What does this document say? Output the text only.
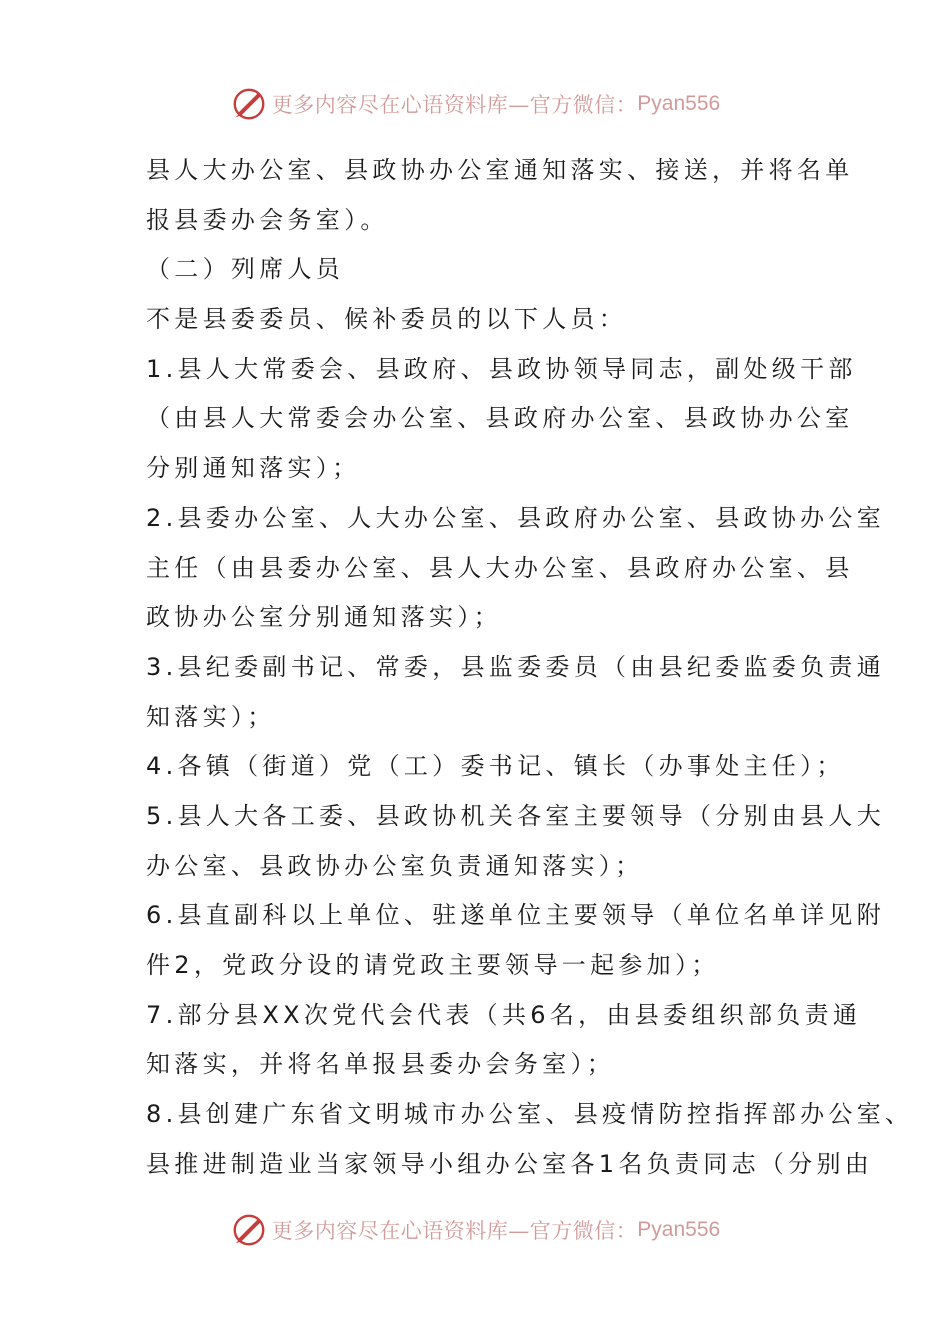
更多内容尽在心语资料库—官方微信： Pyan556
县人大办公室、县政协办公室通知落实、接送，并将名单
报县委办会务室）。
（二）列席人员
不是县委委员、候补委员的以下人员：
1.县人大常委会、县政府、县政协领导同志，副处级干部
（由县人大常委会办公室、县政府办公室、县政协办公室
分别通知落实）；
2.县委办公室、人大办公室、县政府办公室、县政协办公室
主任（由县委办公室、县人大办公室、县政府办公室、县
政协办公室分别通知落实）；
3.县纪委副书记、常委，县监委委员（由县纪委监委负责通
知落实）；
4.各镇（街道）党（工）委书记、镇长（办事处主任）；
5.县人大各工委、县政协机关各室主要领导（分别由县人大
办公室、县政协办公室负责通知落实）；
6.县直副科以上单位、驻遂单位主要领导（单位名单详见附
件2，党政分设的请党政主要领导一起参加）；
7.部分县XX次党代会代表（共6名，由县委组织部负责通
知落实，并将名单报县委办会务室）；
8.县创建广东省文明城市办公室、县疫情防控指挥部办公室、
县推进制造业当家领导小组办公室各1名负责同志（分别由
更多内容尽在心语资料库—官方微信： Pyan556
